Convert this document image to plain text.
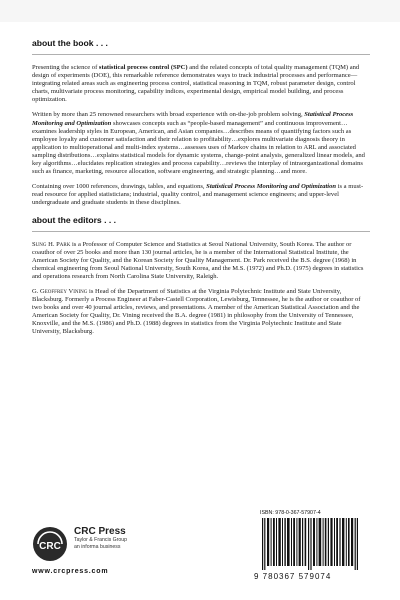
about the book . . .

Presenting the science of statistical process control (SPC) and the related concepts of total quality management (TQM) and design of experiments (DOE), this remarkable reference demonstrates ways to track industrial processes and performance—integrating related areas such as engineering process control, statistical reasoning in TQM, robust parameter design, control charts, multivariate process monitoring, capability indices, experimental design, empirical model building, and process optimization.

Written by more than 25 renowned researchers with broad experience with on-the-job problem solving, Statistical Process Monitoring and Optimization showcases concepts such as “people-based management” and continuous improvement…examines leadership styles in European, American, and Asian companies…describes means of quantifying factors such as employee loyalty and customer satisfaction and their relation to profitability…explores multivariate diagnosis theory in application to multioperational and multi-index systems…assesses uses of Markov chains in relation to ARL and associated sampling distributions…explains statistical models for dynamic systems, change-point analysis, generalized linear models, and key algorithms…elucidates replication strategies and process capability…reviews the interplay of intraorganizational domains such as finance, marketing, resource allocation, software engineering, and strategic planning…and more.

Containing over 1000 references, drawings, tables, and equations, Statistical Process Monitoring and Optimization is a must-read resource for applied statisticians; industrial, quality control, and management science engineers; and upper-level undergraduate and graduate students in these disciplines.

about the editors . . .

Sung H. Park is a Professor of Computer Science and Statistics at Seoul National University, South Korea. The author or coauthor of over 25 books and more than 130 journal articles, he is a member of the International Statistical Institute, the American Society for Quality, and the Korean Society for Quality Management. Dr. Park received the B.S. degree (1968) in chemical engineering from Seoul National University, South Korea, and the M.S. (1972) and Ph.D. (1975) degrees in statistics and operations research from North Carolina State University, Raleigh.

G. Geoffrey Vining is Head of the Department of Statistics at the Virginia Polytechnic Institute and State University, Blacksburg. Formerly a Process Engineer at Faber-Castell Corporation, Lewisburg, Tennessee, he is the author or coauthor of two books and over 40 journal articles, reviews, and presentations. A member of the American Statistical Association and the American Society for Quality, Dr. Vining received the B.A. degree (1981) in philosophy from the University of Tennessee, Knoxville, and the M.S. (1986) and Ph.D. (1988) degrees in statistics from the Virginia Polytechnic Institute and State University, Blacksburg.

CRC
CRC Press
Taylor & Francis Group
an informa business
www.crcpress.com
ISBN: 978-0-367-57907-4
9 780367 579074
